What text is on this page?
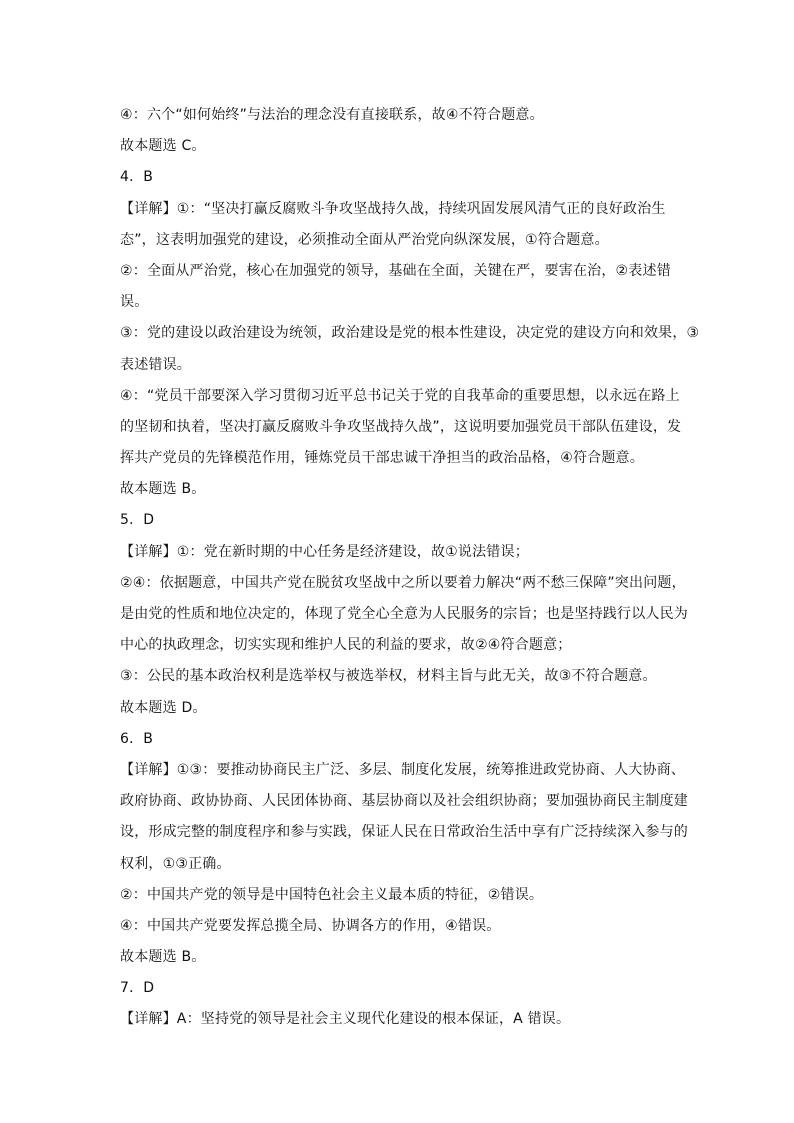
④：六个“如何始终”与法治的理念没有直接联系，故④不符合题意。
故本题选 C。
4．B
【详解】①：“坚决打赢反腐败斗争攻坚战持久战，持续巩固发展风清气正的良好政治生
态”，这表明加强党的建设，必须推动全面从严治党向纵深发展，①符合题意。
②：全面从严治党，核心在加强党的领导，基础在全面，关键在严，要害在治，②表述错
误。
③：党的建设以政治建设为统领，政治建设是党的根本性建设，决定党的建设方向和效果，③
表述错误。
④：“党员干部要深入学习贯彻习近平总书记关于党的自我革命的重要思想，以永远在路上
的坚韧和执着，坚决打赢反腐败斗争攻坚战持久战”，这说明要加强党员干部队伍建设，发
挥共产党员的先锋模范作用，锤炼党员干部忠诚干净担当的政治品格，④符合题意。
故本题选 B。
5．D
【详解】①：党在新时期的中心任务是经济建设，故①说法错误；
②④：依据题意，中国共产党在脱贫攻坚战中之所以要着力解决“两不愁三保障”突出问题，
是由党的性质和地位决定的，体现了党全心全意为人民服务的宗旨；也是坚持践行以人民为
中心的执政理念，切实实现和维护人民的利益的要求，故②④符合题意；
③：公民的基本政治权利是选举权与被选举权，材料主旨与此无关，故③不符合题意。
故本题选 D。
6．B
【详解】①③：要推动协商民主广泛、多层、制度化发展，统筹推进政党协商、人大协商、
政府协商、政协协商、人民团体协商、基层协商以及社会组织协商；要加强协商民主制度建
设，形成完整的制度程序和参与实践，保证人民在日常政治生活中享有广泛持续深入参与的
权利，①③正确。
②：中国共产党的领导是中国特色社会主义最本质的特征，②错误。
④：中国共产党要发挥总揽全局、协调各方的作用，④错误。
故本题选 B。
7．D
【详解】A：坚持党的领导是社会主义现代化建设的根本保证，A 错误。
